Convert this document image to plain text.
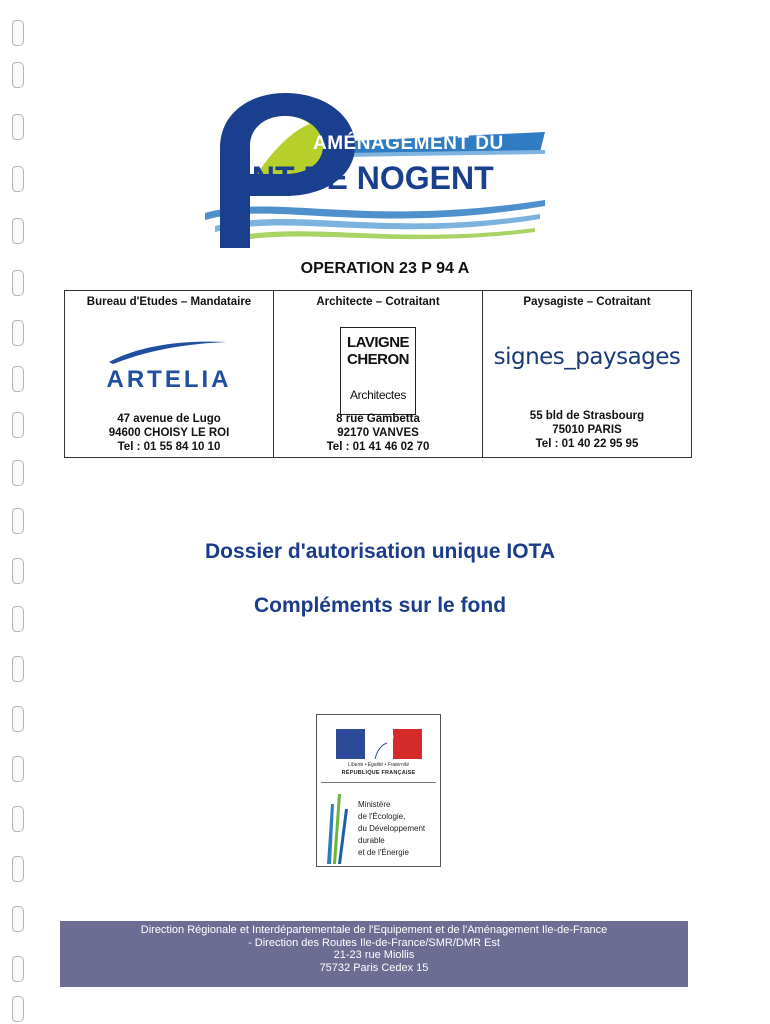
AMÉNAGEMENT DU
ONT DE NOGENT
OPERATION 23 P 94 A
Bureau d'Etudes – Mandataire
ARTELIA
47 avenue de Lugo
94600 CHOISY LE ROI
Tel : 01 55 84 10 10
Architecte – Cotraitant
LAVIGNE
CHERON
Architectes
8 rue Gambetta
92170 VANVES
Tel : 01 41 46 02 70
Paysagiste – Cotraitant
signes_paysages
55 bld de Strasbourg
75010 PARIS
Tel : 01 40 22 95 95
Dossier d'autorisation unique IOTA
Compléments sur le fond
Liberté • Égalité • Fraternité
RÉPUBLIQUE FRANÇAISE
Ministère
de l'Écologie,
du Développement
durable
et de l'Énergie
Direction Régionale et Interdépartementale de l'Equipement et de l'Aménagement Ile-de-France
- Direction des Routes Ile-de-France/SMR/DMR Est
21-23 rue Miollis
75732 Paris Cedex 15
